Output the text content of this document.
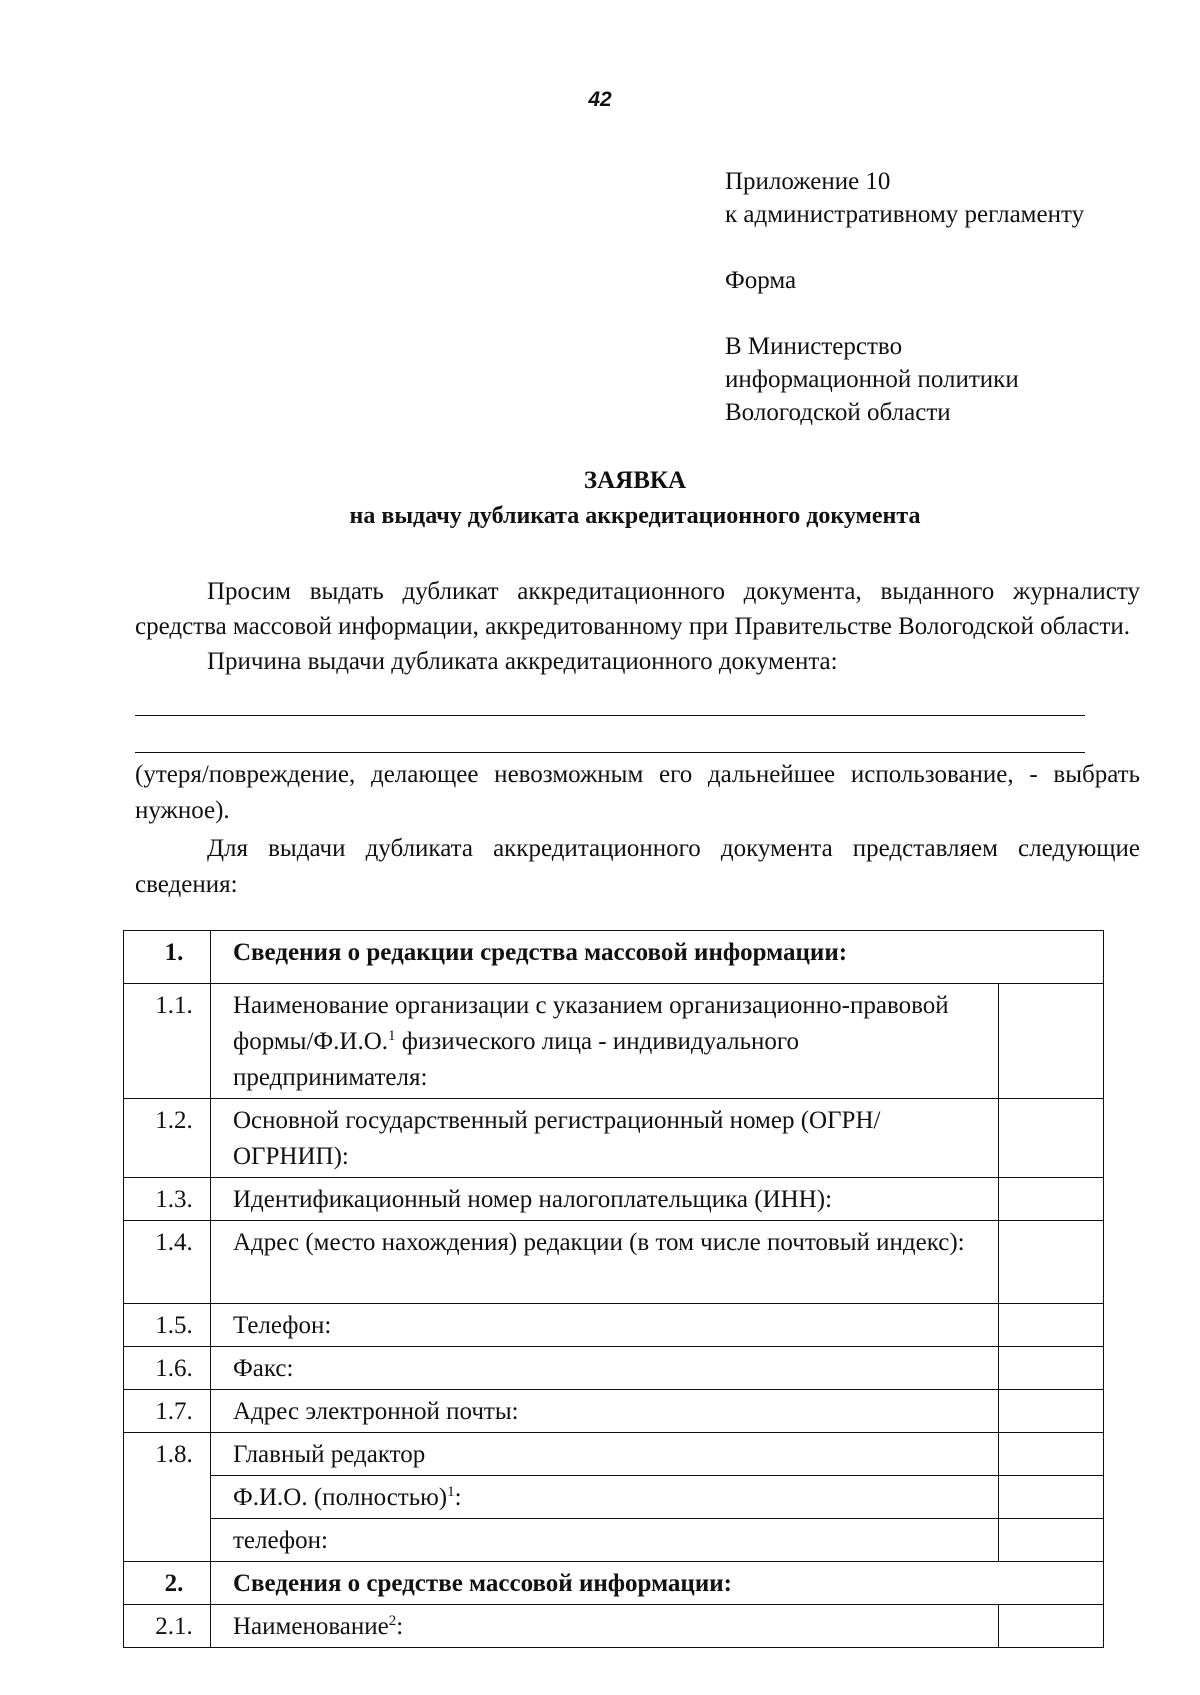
42
Приложение 10
к административному регламенту
Форма
В Министерство
информационной политики
Вологодской области
ЗАЯВКА
на выдачу дубликата аккредитационного документа

Просим выдать дубликат аккредитационного документа, выданного журналисту средства массовой информации, аккредитованному при Правительстве Вологодской области.

Причина выдачи дубликата аккредитационного документа:

(утеря/повреждение, делающее невозможным его дальнейшее использование, - выбрать нужное).

Для выдачи дубликата аккредитационного документа представляем следующие сведения:

1.	Сведения о редакции средства массовой информации:	
1.1.	Наименование организации с указанием организационно-правовой формы/Ф.И.О.$^1$ физического лица - индивидуального предпринимателя:	
1.2.	Основной государственный регистрационный номер (ОГРН/ОГРНИП):	
1.3.	Идентификационный номер налогоплательщика (ИНН):	
1.4.	Адрес (место нахождения) редакции (в том числе почтовый индекс):	
1.5.	Телефон:	
1.6.	Факс:	
1.7.	Адрес электронной почты:	
1.8.	Главный редактор	
	Ф.И.О. (полностью)$^1$:	
	телефон:	
2.	Сведения о средстве массовой информации:	
2.1.	Наименование$^2$:	
